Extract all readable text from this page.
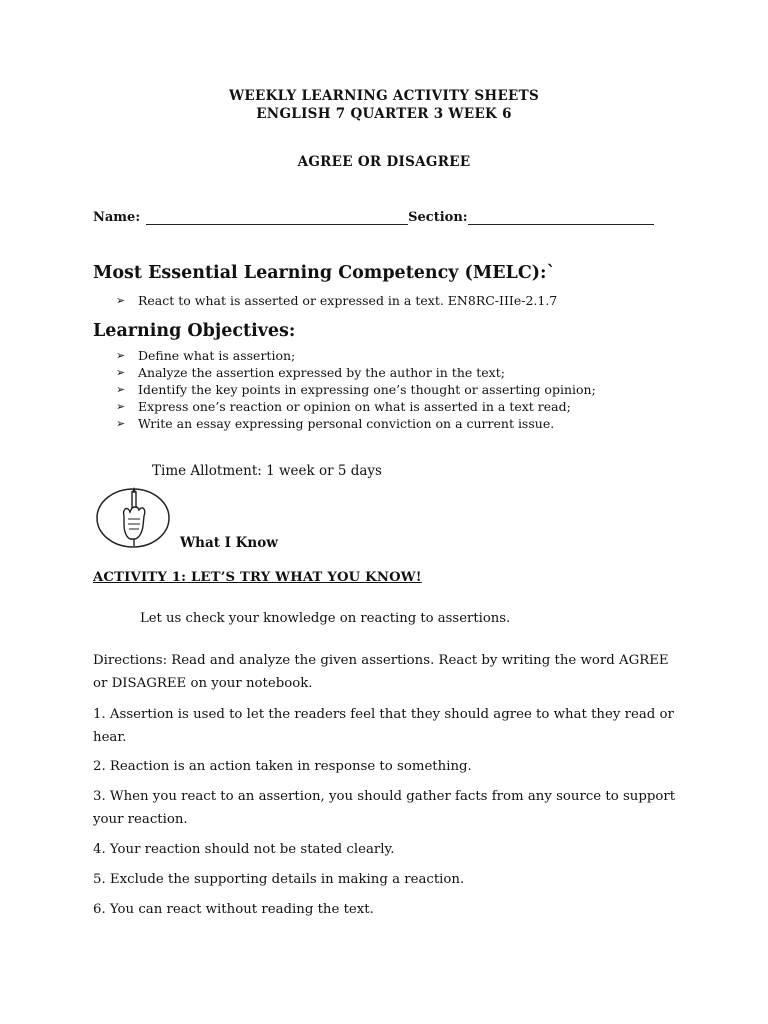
WEEKLY LEARNING ACTIVITY SHEETS
ENGLISH 7 QUARTER 3 WEEK 6
AGREE OR DISAGREE
Name:	Section:
Most Essential Learning Competency (MELC):`
➢	React to what is asserted or expressed in a text. EN8RC-IIIe-2.1.7
Learning Objectives:
➢	Define what is assertion;
➢	Analyze the assertion expressed by the author in the text;
➢	Identify the key points in expressing one’s thought or asserting opinion;
➢	Express one’s reaction or opinion on what is asserted in a text read;
➢	Write an essay expressing personal conviction on a current issue.
Time Allotment: 1 week or 5 days
What I Know
ACTIVITY 1: LET’S TRY WHAT YOU KNOW!
Let us check your knowledge on reacting to assertions.
Directions: Read and analyze the given assertions. React by writing the word AGREE or DISAGREE on your notebook.
1. Assertion is used to let the readers feel that they should agree to what they read or hear.
2. Reaction is an action taken in response to something.
3. When you react to an assertion, you should gather facts from any source to support your reaction.
4. Your reaction should not be stated clearly.
5. Exclude the supporting details in making a reaction.
6. You can react without reading the text.
